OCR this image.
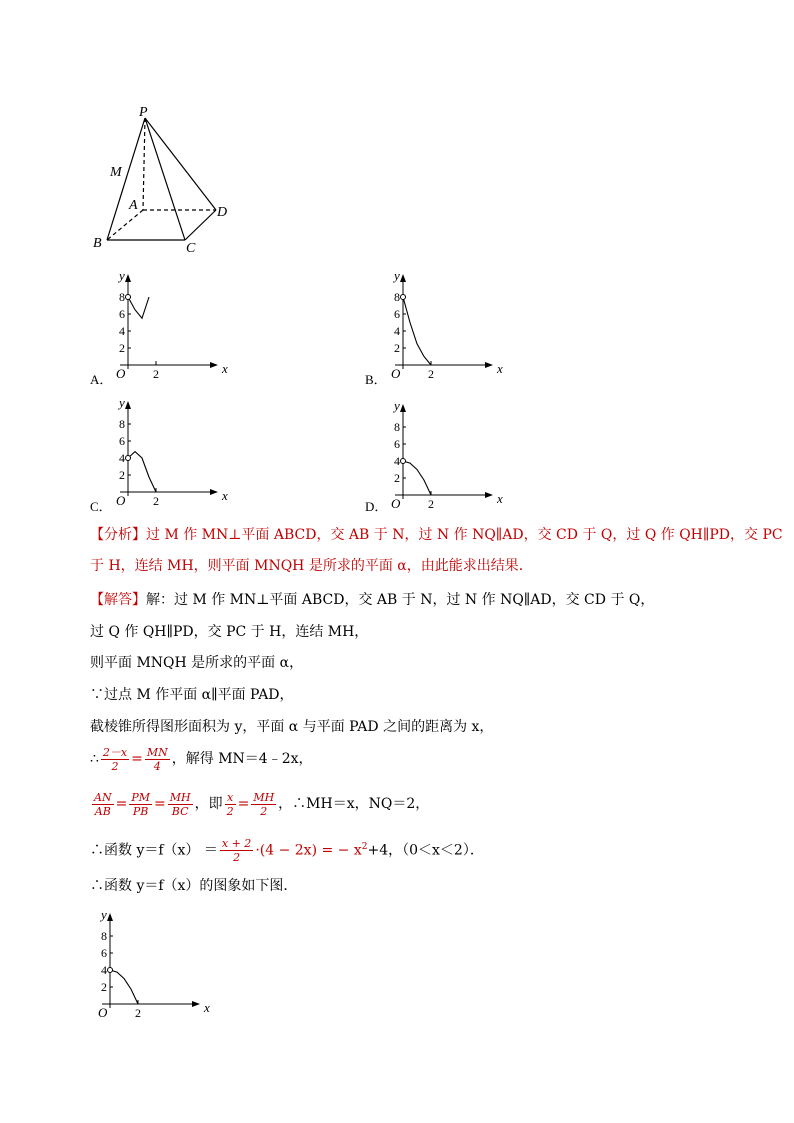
P
M
A	D
B	C
A．	B．
C．	D．
x
y
O
8
6
4
2
2	x
y
O
8
6
4
2
2
x
y
O
8
6
4
2
2	x
y
O
8
6
4
2
2
x
y
O
8
6
4
2
2
【分析】过 M 作 MN⊥平面 ABCD，交 AB 于 N，过 N 作 NQ∥AD，交 CD 于 Q，过 Q 作 QH∥PD，交 PC
于 H，连结 MH，则平面 MNQH 是所求的平面 α，由此能求出结果．
【解答】解：过 M 作 MN⊥平面 ABCD，交 AB 于 N，过 N 作 NQ∥AD，交 CD 于 Q，
过 Q 作 QH∥PD，交 PC 于 H，连结 MH，
则平面 MNQH 是所求的平面 α，
∵过点 M 作平面 α∥平面 PAD，
截棱锥所得图形面积为 y，平面 α 与平面 PAD 之间的距离为 x，
∴ $\frac{2-x}{2} = \frac{MN}{4}$ ，解得 MN＝4﹣2x，
$\frac{AN}{AB} = \frac{PM}{PB} = \frac{MH}{BC}$ ，即 $\frac{x}{2} = \frac{MH}{2}$ ，∴MH＝x，NQ＝2，
∴函数 $y=f(x) = \frac{x + 2}{2} \cdot(4 - 2x)$ = − $x^2+4$，（0＜x＜2）．
∴函数 y＝f（x）的图象如下图．
